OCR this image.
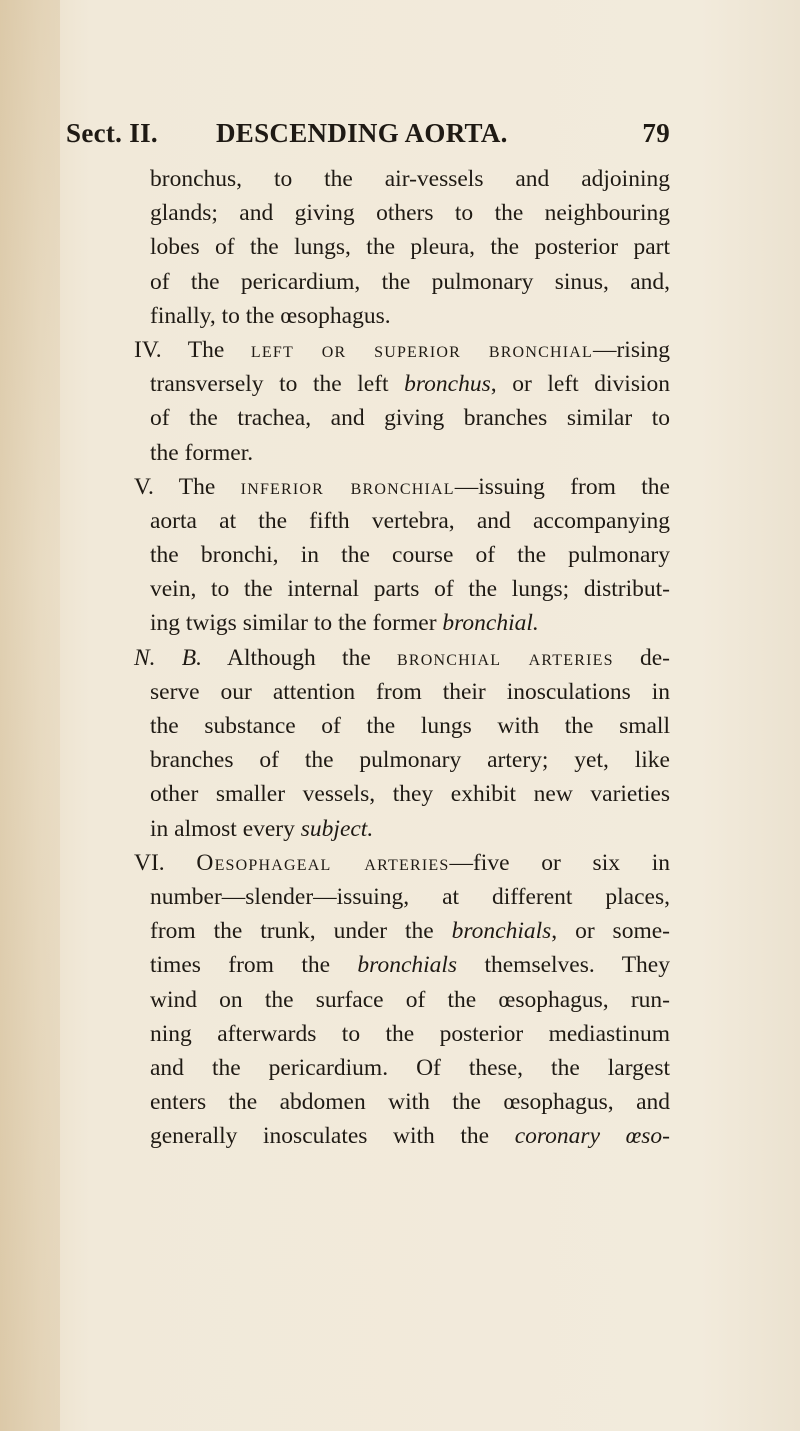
Sect. II. DESCENDING AORTA.	79
bronchus, to the air-vessels and adjoining
glands; and giving others to the neighbouring
lobes of the lungs, the pleura, the posterior part
of the pericardium, the pulmonary sinus, and,
finally, to the œsophagus.
IV. The left or superior bronchial—rising
transversely to the left bronchus, or left division
of the trachea, and giving branches similar to
the former.
V. The inferior bronchial—issuing from the
aorta at the fifth vertebra, and accompanying
the bronchi, in the course of the pulmonary
vein, to the internal parts of the lungs; distribut-
ing twigs similar to the former bronchial.
N. B. Although the bronchial arteries de-
serve our attention from their inosculations in
the substance of the lungs with the small
branches of the pulmonary artery; yet, like
other smaller vessels, they exhibit new varieties
in almost every subject.
VI. Oesophageal arteries—five or six in
number—slender—issuing, at different places,
from the trunk, under the bronchials, or some-
times from the bronchials themselves. They
wind on the surface of the œsophagus, run-
ning afterwards to the posterior mediastinum
and the pericardium. Of these, the largest
enters the abdomen with the œsophagus, and
generally inosculates with the coronary œso-
